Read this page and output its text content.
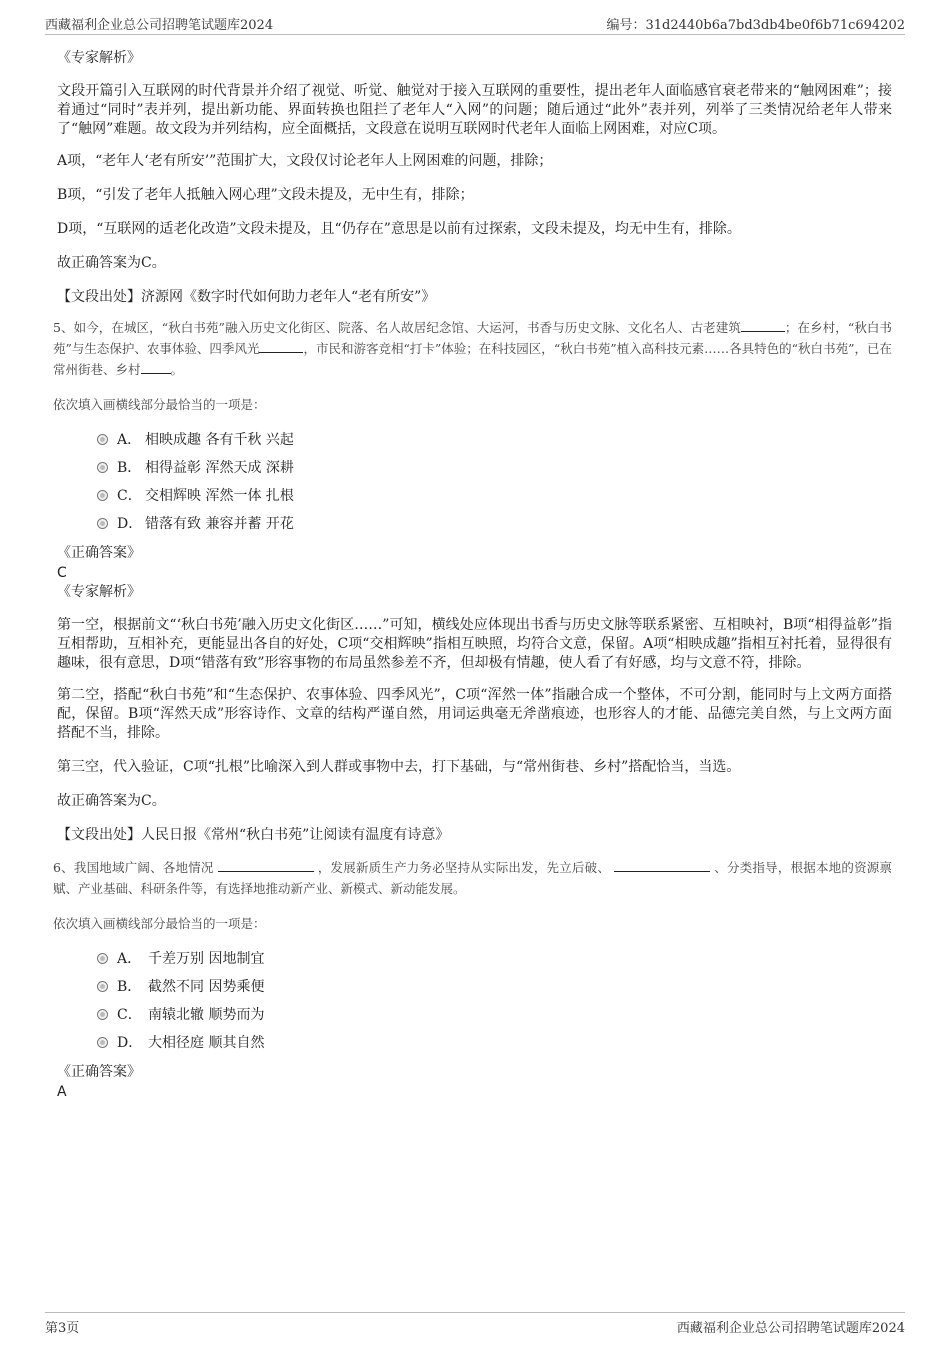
西藏福利企业总公司招聘笔试题库2024	编号：31d2440b6a7bd3db4be0f6b71c694202

《专家解析》

文段开篇引入互联网的时代背景并介绍了视觉、听觉、触觉对于接入互联网的重要性，提出老年人面临感官衰老带来的“触网困难”；接着通过“同时”表并列，提出新功能、界面转换也阻拦了老年人“入网”的问题；随后通过“此外”表并列，列举了三类情况给老年人带来了“触网”难题。故文段为并列结构，应全面概括，文段意在说明互联网时代老年人面临上网困难，对应C项。

A项，“老年人‘老有所安’”范围扩大，文段仅讨论老年人上网困难的问题，排除；

B项，“引发了老年人抵触入网心理”文段未提及，无中生有，排除；

D项，“互联网的适老化改造”文段未提及，且“仍存在”意思是以前有过探索，文段未提及，均无中生有，排除。

故正确答案为C。

【文段出处】济源网《数字时代如何助力老年人“老有所安”》

5、如今，在城区，“秋白书苑”融入历史文化街区、院落、名人故居纪念馆、大运河，书香与历史文脉、文化名人、古老建筑	；在乡村，“秋白书苑”与生态保护、农事体验、四季风光	，市民和游客竞相“打卡”体验；在科技园区，“秋白书苑”植入高科技元素……各具特色的“秋白书苑”，已在常州街巷、乡村 。

依次填入画横线部分最恰当的一项是：

A． 相映成趣 各有千秋 兴起
B． 相得益彰 浑然天成 深耕
C． 交相辉映 浑然一体 扎根
D． 错落有致 兼容并蓄 开花

《正确答案》

C

《专家解析》

第一空，根据前文“‘秋白书苑’融入历史文化街区……”可知，横线处应体现出书香与历史文脉等联系紧密、互相映衬，B项“相得益彰”指互相帮助，互相补充，更能显出各自的好处，C项“交相辉映”指相互映照，均符合文意，保留。A项“相映成趣”指相互衬托着，显得很有趣味，很有意思，D项“错落有致”形容事物的布局虽然参差不齐，但却极有情趣，使人看了有好感，均与文意不符，排除。

第二空，搭配“秋白书苑”和“生态保护、农事体验、四季风光”，C项“浑然一体”指融合成一个整体，不可分割，能同时与上文两方面搭配，保留。B项“浑然天成”形容诗作、文章的结构严谨自然，用词运典毫无斧凿痕迹，也形容人的才能、品德完美自然，与上文两方面搭配不当，排除。

第三空，代入验证，C项“扎根”比喻深入到人群或事物中去，打下基础，与“常州街巷、乡村”搭配恰当，当选。

故正确答案为C。

【文段出处】人民日报《常州“秋白书苑”让阅读有温度有诗意》

6、我国地域广阔、各地情况	，发展新质生产力务必坚持从实际出发，先立后破、	、分类指导，根据本地的资源禀赋、产业基础、科研条件等，有选择地推动新产业、新模式、新动能发展。

依次填入画横线部分最恰当的一项是：

A． 千差万别 因地制宜
B． 截然不同 因势乘便
C． 南辕北辙 顺势而为
D． 大相径庭 顺其自然

《正确答案》

A

第3页	西藏福利企业总公司招聘笔试题库2024
